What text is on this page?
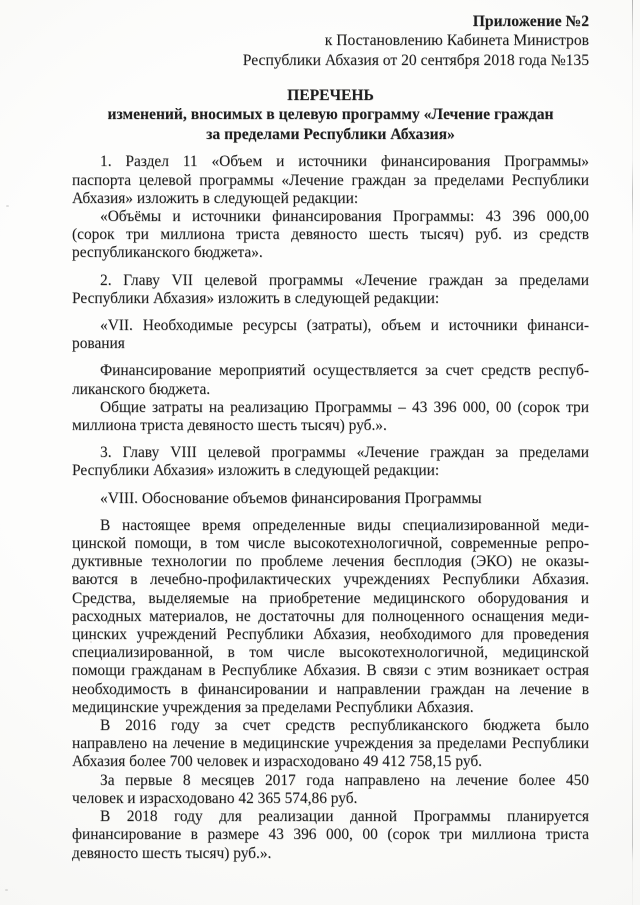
Приложение №2
к Постановлению Кабинета Министров
Республики Абхазия от 20 сентября 2018 года №135
ПЕРЕЧЕНЬ
изменений, вносимых в целевую программу «Лечение граждан
за пределами Республики Абхазия»
1. Раздел 11 «Объем и источники финансирования Программы»
паспорта целевой программы «Лечение граждан за пределами Республики
Абхазия» изложить в следующей редакции:
«Объёмы и источники финансирования Программы: 43 396 000,00
(сорок три миллиона триста девяносто шесть тысяч) руб. из средств
республиканского бюджета».
2. Главу VII целевой программы «Лечение граждан за пределами
Республики Абхазия» изложить в следующей редакции:
«VII. Необходимые ресурсы (затраты), объем и источники финанси-
рования
Финансирование мероприятий осуществляется за счет средств респуб-
ликанского бюджета.
Общие затраты на реализацию Программы – 43 396 000, 00 (сорок три
миллиона триста девяносто шесть тысяч) руб.».
3. Главу VIII целевой программы «Лечение граждан за пределами
Республики Абхазия» изложить в следующей редакции:
«VIII. Обоснование объемов финансирования Программы
В настоящее время определенные виды специализированной меди-
цинской помощи, в том числе высокотехнологичной, современные репро-
дуктивные технологии по проблеме лечения бесплодия (ЭКО) не оказы-
ваются в лечебно-профилактических учреждениях Республики Абхазия.
Средства, выделяемые на приобретение медицинского оборудования и
расходных материалов, не достаточны для полноценного оснащения меди-
цинских учреждений Республики Абхазия, необходимого для проведения
специализированной, в том числе высокотехнологичной, медицинской
помощи гражданам в Республике Абхазия. В связи с этим возникает острая
необходимость в финансировании и направлении граждан на лечение в
медицинские учреждения за пределами Республики Абхазия.
В 2016 году за счет средств республиканского бюджета было
направлено на лечение в медицинские учреждения за пределами Республики
Абхазия более 700 человек и израсходовано 49 412 758,15 руб.
За первые 8 месяцев 2017 года направлено на лечение более 450
человек и израсходовано 42 365 574,86 руб.
В 2018 году для реализации данной Программы планируется
финансирование в размере 43 396 000, 00 (сорок три миллиона триста
девяносто шесть тысяч) руб.».
